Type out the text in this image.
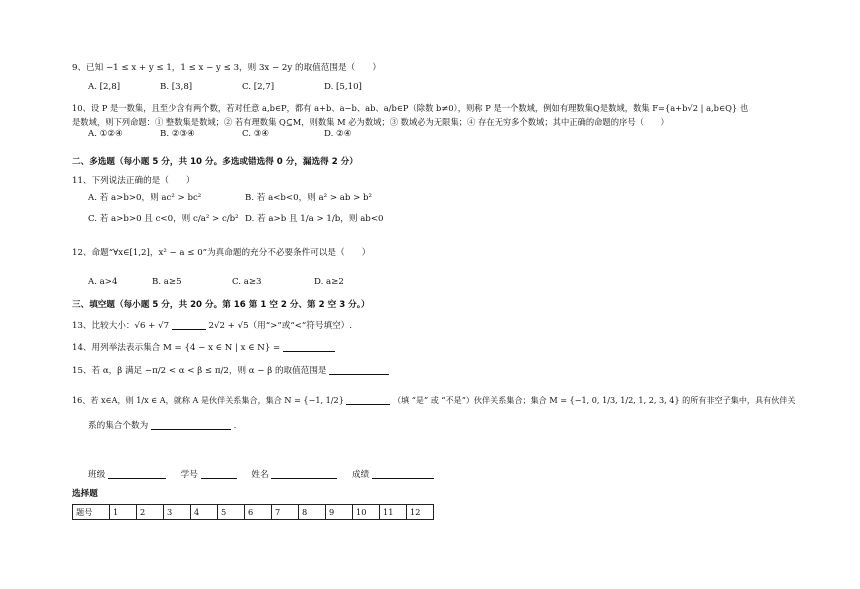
9、已知 −1 ≤ x + y ≤ 1，1 ≤ x − y ≤ 3，则 3x − 2y 的取值范围是（　　）
A. [2,8]	B. [3,8]	C. [2,7]	D. [5,10]
10、设 P 是一数集，且至少含有两个数，若对任意 a,b∈P，都有 a+b、a−b、ab、a/b∈P（除数 b≠0），则称 P 是一个数域，例如有理数集Q是数域，数集 F={a+b√2 | a,b∈Q} 也
是数域，则下列命题：① 整数集是数域；② 若有理数集 Q⊆M，则数集 M 必为数域；③ 数域必为无限集；④ 存在无穷多个数域；其中正确的命题的序号（　　）
A. ①②④	B. ②③④	C. ③④	D. ②④
二、多选题（每小题 5 分，共 10 分。多选或错选得 0 分，漏选得 2 分）
11、下列说法正确的是（　　）
A. 若 a>b>0，则 ac² > bc²	B. 若 a<b<0，则 a² > ab > b²
C. 若 a>b>0 且 c<0，则 c/a² > c/b² D. 若 a>b 且 1/a > 1/b，则 ab<0
12、命题“∀x∈[1,2]，x² − a ≤ 0”为真命题的充分不必要条件可以是（　　）
A. a>4	B. a≥5	C. a≥3	D. a≥2
三、填空题（每小题 5 分，共 20 分。第 16 第 1 空 2 分、第 2 空 3 分。）
13、比较大小：√6 + √7	2√2 + √5（用“>”或“<”符号填空）.
14、用列举法表示集合 M = {4 − x ∈ N | x ∈ N} =
15、若 α，β 满足 −π/2 < α < β ≤ π/2，则 α − β 的取值范围是
16、若 x∈A，则 1/x ∈ A，就称 A 是伙伴关系集合，集合 N = {−1, 1/2}	（填 “是” 或 “不是”）伙伴关系集合；集合 M = {−1, 0, 1/3, 1/2, 1, 2, 3, 4} 的所有非空子集中，具有伙伴关
系的集合个数为	.
班级	学号	姓名	成绩
选择题
题号	1	2	3	4	5	6	7	8	9	10	11	12
